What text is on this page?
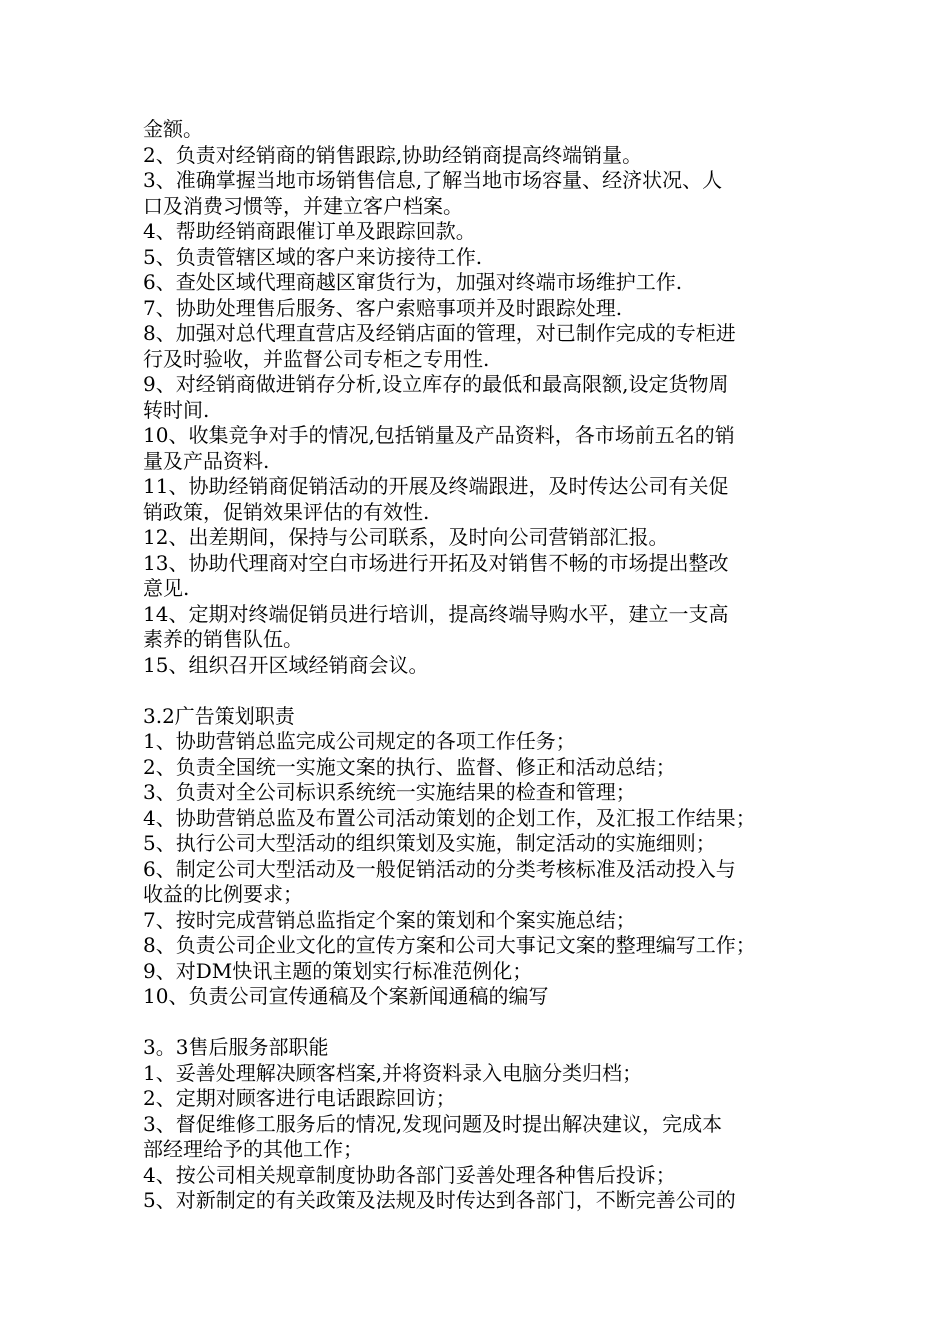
金额。
2、负责对经销商的销售跟踪,协助经销商提高终端销量。
3、准确掌握当地市场销售信息,了解当地市场容量、经济状况、人
口及消费习惯等，并建立客户档案。
4、帮助经销商跟催订单及跟踪回款。
5、负责管辖区域的客户来访接待工作.
6、查处区域代理商越区窜货行为，加强对终端市场维护工作.
7、协助处理售后服务、客户索赔事项并及时跟踪处理.
8、加强对总代理直营店及经销店面的管理，对已制作完成的专柜进
行及时验收，并监督公司专柜之专用性.
9、对经销商做进销存分析,设立库存的最低和最高限额,设定货物周
转时间.
10、收集竞争对手的情况,包括销量及产品资料，各市场前五名的销
量及产品资料.
11、协助经销商促销活动的开展及终端跟进，及时传达公司有关促
销政策，促销效果评估的有效性.
12、出差期间，保持与公司联系，及时向公司营销部汇报。
13、协助代理商对空白市场进行开拓及对销售不畅的市场提出整改
意见.
14、定期对终端促销员进行培训，提高终端导购水平，建立一支高
素养的销售队伍。
15、组织召开区域经销商会议。
3.2广告策划职责
1、协助营销总监完成公司规定的各项工作任务；
2、负责全国统一实施文案的执行、监督、修正和活动总结；
3、负责对全公司标识系统统一实施结果的检查和管理；
4、协助营销总监及布置公司活动策划的企划工作，及汇报工作结果；
5、执行公司大型活动的组织策划及实施，制定活动的实施细则；
6、制定公司大型活动及一般促销活动的分类考核标准及活动投入与
收益的比例要求；
7、按时完成营销总监指定个案的策划和个案实施总结；
8、负责公司企业文化的宣传方案和公司大事记文案的整理编写工作；
9、对DM快讯主题的策划实行标准范例化；
10、负责公司宣传通稿及个案新闻通稿的编写
3。3售后服务部职能
1、妥善处理解决顾客档案,并将资料录入电脑分类归档；
2、定期对顾客进行电话跟踪回访；
3、督促维修工服务后的情况,发现问题及时提出解决建议，完成本
部经理给予的其他工作；
4、按公司相关规章制度协助各部门妥善处理各种售后投诉；
5、对新制定的有关政策及法规及时传达到各部门，不断完善公司的
